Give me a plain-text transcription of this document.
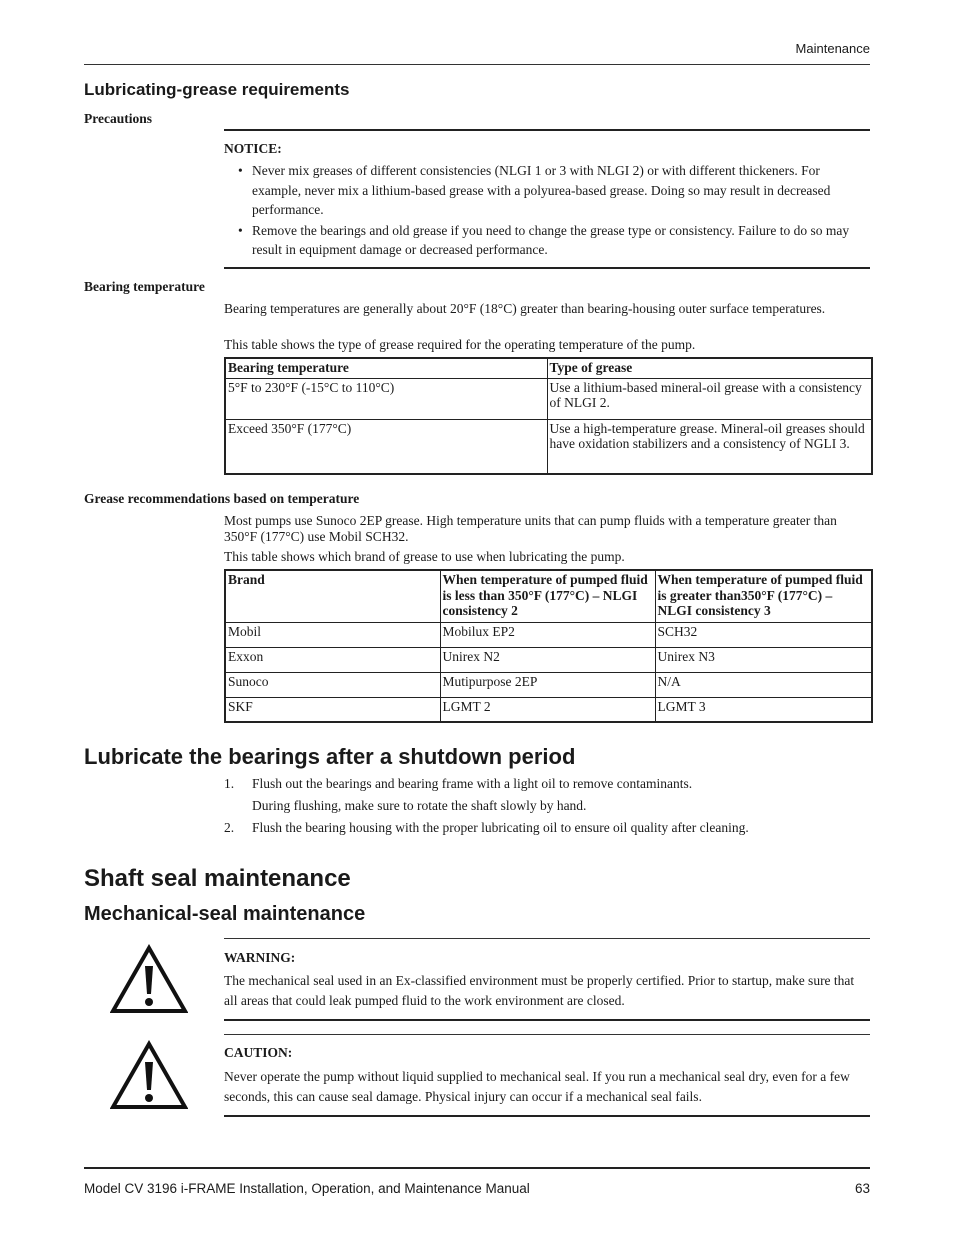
Maintenance
Lubricating-grease requirements
Precautions
NOTICE:
• Never mix greases of different consistencies (NLGI 1 or 3 with NLGI 2) or with different thickeners. For example, never mix a lithium-based grease with a polyurea-based grease. Doing so may result in decreased performance.
• Remove the bearings and old grease if you need to change the grease type or consistency. Failure to do so may result in equipment damage or decreased performance.
Bearing temperature
Bearing temperatures are generally about 20°F (18°C) greater than bearing-housing outer surface temperatures.
This table shows the type of grease required for the operating temperature of the pump.
Bearing temperature	Type of grease
5°F to 230°F (-15°C to 110°C)	Use a lithium-based mineral-oil grease with a consistency of NLGI 2.
Exceed 350°F (177°C)	Use a high-temperature grease. Mineral-oil greases should have oxidation stabilizers and a consistency of NGLI 3.
Grease recommendations based on temperature
Most pumps use Sunoco 2EP grease. High temperature units that can pump fluids with a temperature greater than 350°F (177°C) use Mobil SCH32.
This table shows which brand of grease to use when lubricating the pump.
Brand	When temperature of pumped fluid is less than 350°F (177°C) – NLGI consistency 2	When temperature of pumped fluid is greater than350°F (177°C) – NLGI consistency 3
Mobil	Mobilux EP2	SCH32
Exxon	Unirex N2	Unirex N3
Sunoco	Mutipurpose 2EP	N/A
SKF	LGMT 2	LGMT 3
Lubricate the bearings after a shutdown period
1. Flush out the bearings and bearing frame with a light oil to remove contaminants.
During flushing, make sure to rotate the shaft slowly by hand.
2. Flush the bearing housing with the proper lubricating oil to ensure oil quality after cleaning.
Shaft seal maintenance
Mechanical-seal maintenance
WARNING:
The mechanical seal used in an Ex-classified environment must be properly certified. Prior to startup, make sure that all areas that could leak pumped fluid to the work environment are closed.
CAUTION:
Never operate the pump without liquid supplied to mechanical seal. If you run a mechanical seal dry, even for a few seconds, this can cause seal damage. Physical injury can occur if a mechanical seal fails.
Model CV 3196 i-FRAME Installation, Operation, and Maintenance Manual	63
